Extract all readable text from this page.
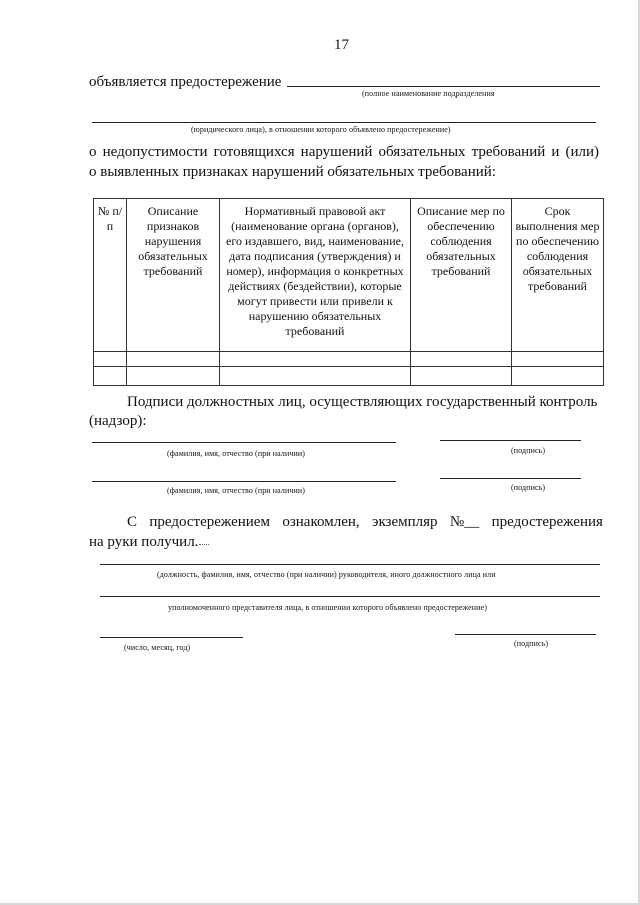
17
объявляется предостережение
(полное наименование подразделения
(юридического лица), в отношении которого объявлено предостережение)
о недопустимости готовящихся нарушений обязательных требований и (или)
о выявленных признаках нарушений обязательных требований:
№ п/п	Описание признаков нарушения обязательных требований	Нормативный правовой акт (наименование органа (органов), его издавшего, вид, наименование, дата подписания (утверждения) и номер), информация о конкретных действиях (бездействии), которые могут привести или привели к нарушению обязательных требований	Описание мер по обеспечению соблюдения обязательных требований	Срок выполнения мер по обеспечению соблюдения обязательных требований

Подписи должностных лиц, осуществляющих государственный контроль
(надзор):
(фамилия, имя, отчество (при наличии)	(подпись)
(фамилия, имя, отчество (при наличии)	(подпись)
С предостережением ознакомлен, экземпляр №__ предостережения
на руки получил.
(должность, фамилия, имя, отчество (при наличии) руководителя, иного должностного лица или
уполномоченного представителя лица, в отношении которого объявлено предостережение)
(число, месяц, год)	(подпись)
